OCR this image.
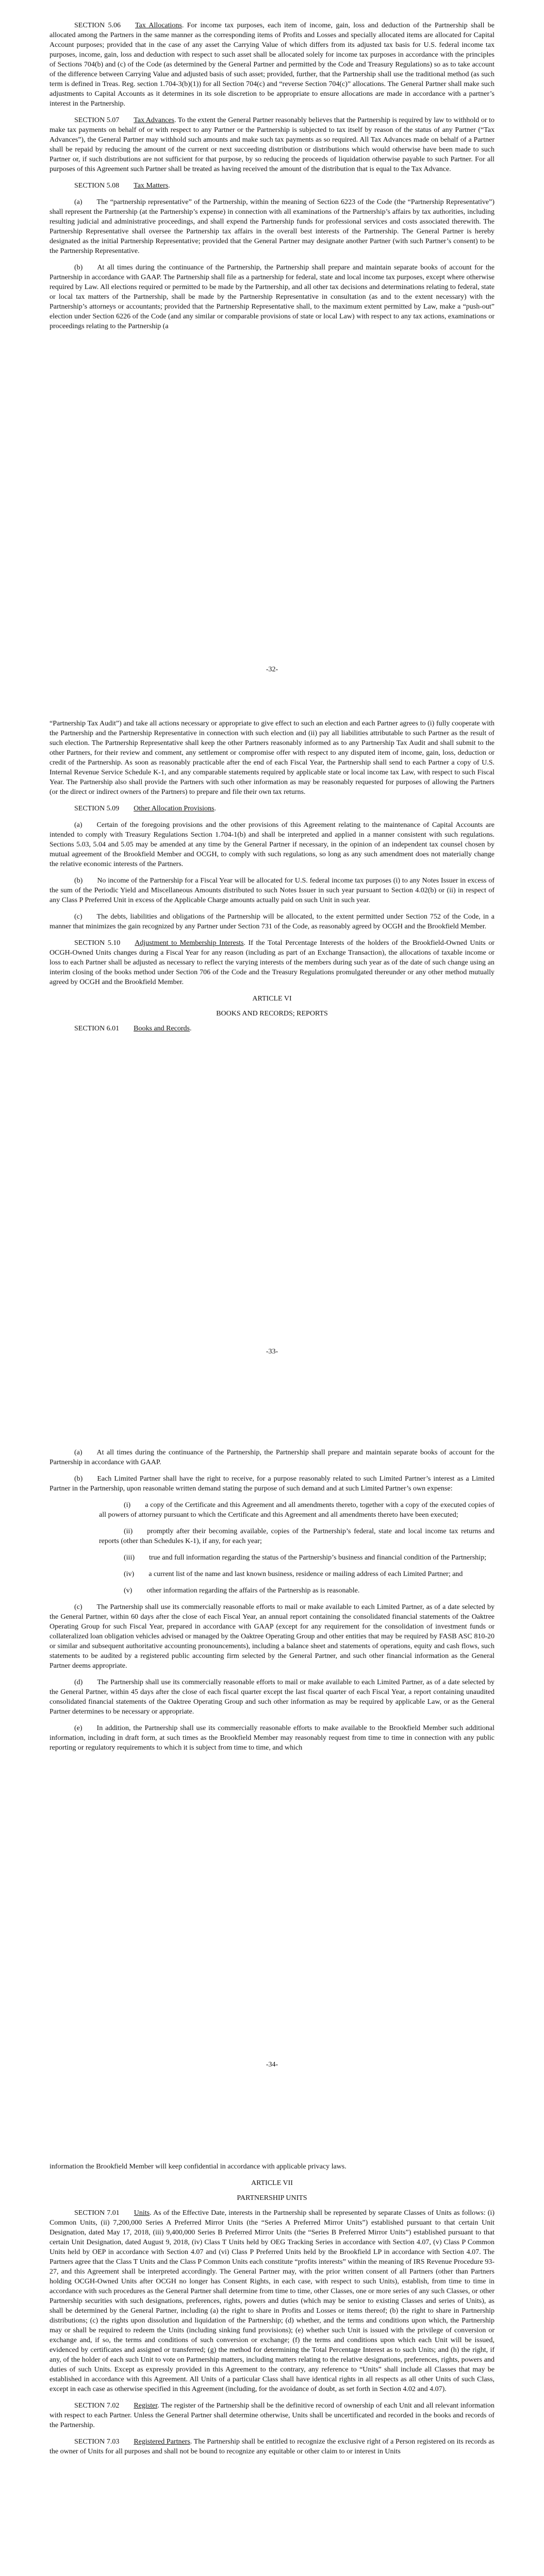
SECTION 5.06   Tax Allocations. For income tax purposes, each item of income, gain, loss and deduction of the Partnership shall be allocated among the Partners in the same manner as the corresponding items of Profits and Losses and specially allocated items are allocated for Capital Account purposes; provided that in the case of any asset the Carrying Value of which differs from its adjusted tax basis for U.S. federal income tax purposes, income, gain, loss and deduction with respect to such asset shall be allocated solely for income tax purposes in accordance with the principles of Sections 704(b) and (c) of the Code (as determined by the General Partner and permitted by the Code and Treasury Regulations) so as to take account of the difference between Carrying Value and adjusted basis of such asset; provided, further, that the Partnership shall use the traditional method (as such term is defined in Treas. Reg. section 1.704-3(b)(1)) for all Section 704(c) and “reverse Section 704(c)” allocations. The General Partner shall make such adjustments to Capital Accounts as it determines in its sole discretion to be appropriate to ensure allocations are made in accordance with a partner’s interest in the Partnership.

SECTION 5.07   Tax Advances. To the extent the General Partner reasonably believes that the Partnership is required by law to withhold or to make tax payments on behalf of or with respect to any Partner or the Partnership is subjected to tax itself by reason of the status of any Partner (“Tax Advances”), the General Partner may withhold such amounts and make such tax payments as so required. All Tax Advances made on behalf of a Partner shall be repaid by reducing the amount of the current or next succeeding distribution or distributions which would otherwise have been made to such Partner or, if such distributions are not sufficient for that purpose, by so reducing the proceeds of liquidation otherwise payable to such Partner. For all purposes of this Agreement such Partner shall be treated as having received the amount of the distribution that is equal to the Tax Advance.

SECTION 5.08   Tax Matters.

(a)  The “partnership representative” of the Partnership, within the meaning of Section 6223 of the Code (the “Partnership Representative”) shall represent the Partnership (at the Partnership’s expense) in connection with all examinations of the Partnership’s affairs by tax authorities, including resulting judicial and administrative proceedings, and shall expend the Partnership funds for professional services and costs associated therewith. The Partnership Representative shall oversee the Partnership tax affairs in the overall best interests of the Partnership. The General Partner is hereby designated as the initial Partnership Representative; provided that the General Partner may designate another Partner (with such Partner’s consent) to be the Partnership Representative.

(b)  At all times during the continuance of the Partnership, the Partnership shall prepare and maintain separate books of account for the Partnership in accordance with GAAP. The Partnership shall file as a partnership for federal, state and local income tax purposes, except where otherwise required by Law. All elections required or permitted to be made by the Partnership, and all other tax decisions and determinations relating to federal, state or local tax matters of the Partnership, shall be made by the Partnership Representative in consultation (as and to the extent necessary) with the Partnership’s attorneys or accountants; provided that the Partnership Representative shall, to the maximum extent permitted by Law, make a “push-out” election under Section 6226 of the Code (and any similar or comparable provisions of state or local Law) with respect to any tax actions, examinations or proceedings relating to the Partnership (a

-32-

“Partnership Tax Audit”) and take all actions necessary or appropriate to give effect to such an election and each Partner agrees to (i) fully cooperate with the Partnership and the Partnership Representative in connection with such election and (ii) pay all liabilities attributable to such Partner as the result of such election. The Partnership Representative shall keep the other Partners reasonably informed as to any Partnership Tax Audit and shall submit to the other Partners, for their review and comment, any settlement or compromise offer with respect to any disputed item of income, gain, loss, deduction or credit of the Partnership. As soon as reasonably practicable after the end of each Fiscal Year, the Partnership shall send to each Partner a copy of U.S. Internal Revenue Service Schedule K-1, and any comparable statements required by applicable state or local income tax Law, with respect to such Fiscal Year. The Partnership also shall provide the Partners with such other information as may be reasonably requested for purposes of allowing the Partners (or the direct or indirect owners of the Partners) to prepare and file their own tax returns.

SECTION 5.09   Other Allocation Provisions.

(a)  Certain of the foregoing provisions and the other provisions of this Agreement relating to the maintenance of Capital Accounts are intended to comply with Treasury Regulations Section 1.704-1(b) and shall be interpreted and applied in a manner consistent with such regulations. Sections 5.03, 5.04 and 5.05 may be amended at any time by the General Partner if necessary, in the opinion of an independent tax counsel chosen by mutual agreement of the Brookfield Member and OCGH, to comply with such regulations, so long as any such amendment does not materially change the relative economic interests of the Partners.

(b)  No income of the Partnership for a Fiscal Year will be allocated for U.S. federal income tax purposes (i) to any Notes Issuer in excess of the sum of the Periodic Yield and Miscellaneous Amounts distributed to such Notes Issuer in such year pursuant to Section 4.02(b) or (ii) in respect of any Class P Preferred Unit in excess of the Applicable Charge amounts actually paid on such Unit in such year.

(c)  The debts, liabilities and obligations of the Partnership will be allocated, to the extent permitted under Section 752 of the Code, in a manner that minimizes the gain recognized by any Partner under Section 731 of the Code, as reasonably agreed by OCGH and the Brookfield Member.

SECTION 5.10   Adjustment to Membership Interests. If the Total Percentage Interests of the holders of the Brookfield-Owned Units or OCGH-Owned Units changes during a Fiscal Year for any reason (including as part of an Exchange Transaction), the allocations of taxable income or loss to each Partner shall be adjusted as necessary to reflect the varying interests of the members during such year as of the date of such change using an interim closing of the books method under Section 706 of the Code and the Treasury Regulations promulgated thereunder or any other method mutually agreed by OCGH and the Brookfield Member.

ARTICLE VI

BOOKS AND RECORDS; REPORTS

SECTION 6.01   Books and Records.

-33-

(a)  At all times during the continuance of the Partnership, the Partnership shall prepare and maintain separate books of account for the Partnership in accordance with GAAP.

(b)  Each Limited Partner shall have the right to receive, for a purpose reasonably related to such Limited Partner’s interest as a Limited Partner in the Partnership, upon reasonable written demand stating the purpose of such demand and at such Limited Partner’s own expense:

(i)  a copy of the Certificate and this Agreement and all amendments thereto, together with a copy of the executed copies of all powers of attorney pursuant to which the Certificate and this Agreement and all amendments thereto have been executed;

(ii)  promptly after their becoming available, copies of the Partnership’s federal, state and local income tax returns and reports (other than Schedules K-1), if any, for each year;

(iii)  true and full information regarding the status of the Partnership’s business and financial condition of the Partnership;

(iv)  a current list of the name and last known business, residence or mailing address of each Limited Partner; and

(v)  other information regarding the affairs of the Partnership as is reasonable.

(c)  The Partnership shall use its commercially reasonable efforts to mail or make available to each Limited Partner, as of a date selected by the General Partner, within 60 days after the close of each Fiscal Year, an annual report containing the consolidated financial statements of the Oaktree Operating Group for such Fiscal Year, prepared in accordance with GAAP (except for any requirement for the consolidation of investment funds or collateralized loan obligation vehicles advised or managed by the Oaktree Operating Group and other entities that may be required by FASB ASC 810-20 or similar and subsequent authoritative accounting pronouncements), including a balance sheet and statements of operations, equity and cash flows, such statements to be audited by a registered public accounting firm selected by the General Partner, and such other financial information as the General Partner deems appropriate.

(d)  The Partnership shall use its commercially reasonable efforts to mail or make available to each Limited Partner, as of a date selected by the General Partner, within 45 days after the close of each fiscal quarter except the last fiscal quarter of each Fiscal Year, a report containing unaudited consolidated financial statements of the Oaktree Operating Group and such other information as may be required by applicable Law, or as the General Partner determines to be necessary or appropriate.

(e)  In addition, the Partnership shall use its commercially reasonable efforts to make available to the Brookfield Member such additional information, including in draft form, at such times as the Brookfield Member may reasonably request from time to time in connection with any public reporting or regulatory requirements to which it is subject from time to time, and which

-34-

information the Brookfield Member will keep confidential in accordance with applicable privacy laws.

ARTICLE VII

PARTNERSHIP UNITS

SECTION 7.01   Units. As of the Effective Date, interests in the Partnership shall be represented by separate Classes of Units as follows: (i) Common Units, (ii) 7,200,000 Series A Preferred Mirror Units (the “Series A Preferred Mirror Units”) established pursuant to that certain Unit Designation, dated May 17, 2018, (iii) 9,400,000 Series B Preferred Mirror Units (the “Series B Preferred Mirror Units”) established pursuant to that certain Unit Designation, dated August 9, 2018, (iv) Class T Units held by OEG Tracking Series in accordance with Section 4.07, (v) Class P Common Units held by OEP in accordance with Section 4.07 and (vi) Class P Preferred Units held by the Brookfield LP in accordance with Section 4.07. The Partners agree that the Class T Units and the Class P Common Units each constitute “profits interests” within the meaning of IRS Revenue Procedure 93-27, and this Agreement shall be interpreted accordingly. The General Partner may, with the prior written consent of all Partners (other than Partners holding OCGH-Owned Units after OCGH no longer has Consent Rights, in each case, with respect to such Units), establish, from time to time in accordance with such procedures as the General Partner shall determine from time to time, other Classes, one or more series of any such Classes, or other Partnership securities with such designations, preferences, rights, powers and duties (which may be senior to existing Classes and series of Units), as shall be determined by the General Partner, including (a) the right to share in Profits and Losses or items thereof; (b) the right to share in Partnership distributions; (c) the rights upon dissolution and liquidation of the Partnership; (d) whether, and the terms and conditions upon which, the Partnership may or shall be required to redeem the Units (including sinking fund provisions); (e) whether such Unit is issued with the privilege of conversion or exchange and, if so, the terms and conditions of such conversion or exchange; (f) the terms and conditions upon which each Unit will be issued, evidenced by certificates and assigned or transferred; (g) the method for determining the Total Percentage Interest as to such Units; and (h) the right, if any, of the holder of each such Unit to vote on Partnership matters, including matters relating to the relative designations, preferences, rights, powers and duties of such Units. Except as expressly provided in this Agreement to the contrary, any reference to “Units” shall include all Classes that may be established in accordance with this Agreement. All Units of a particular Class shall have identical rights in all respects as all other Units of such Class, except in each case as otherwise specified in this Agreement (including, for the avoidance of doubt, as set forth in Section 4.02 and 4.07).

SECTION 7.02   Register. The register of the Partnership shall be the definitive record of ownership of each Unit and all relevant information with respect to each Partner. Unless the General Partner shall determine otherwise, Units shall be uncertificated and recorded in the books and records of the Partnership.

SECTION 7.03   Registered Partners. The Partnership shall be entitled to recognize the exclusive right of a Person registered on its records as the owner of Units for all purposes and shall not be bound to recognize any equitable or other claim to or interest in Units
